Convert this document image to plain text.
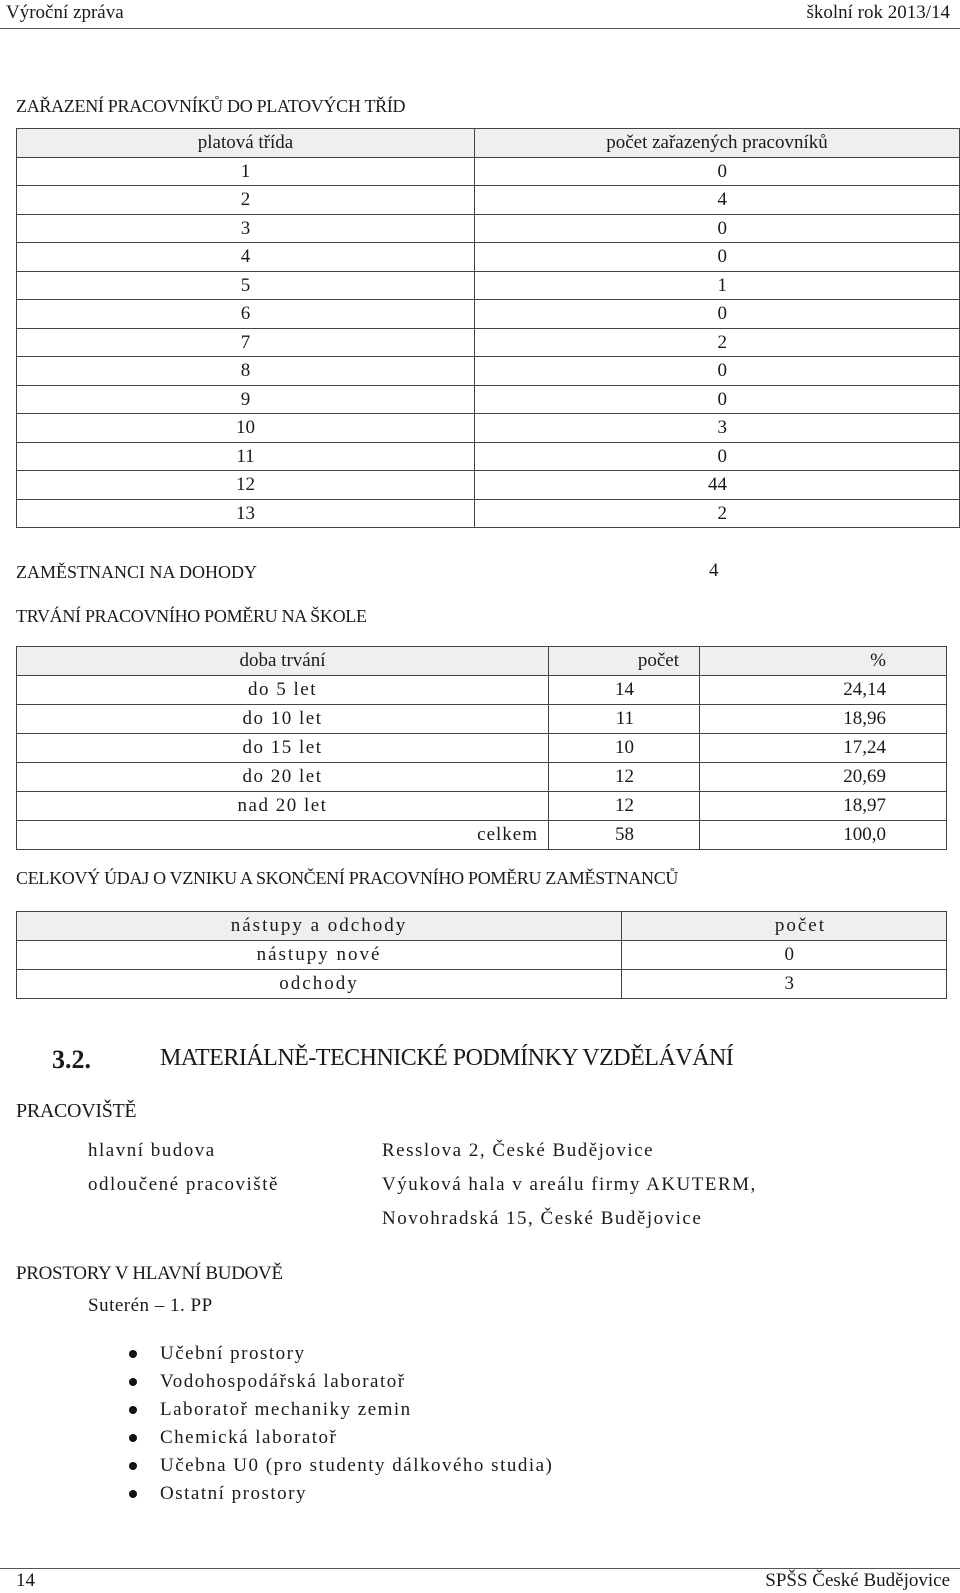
Výroční zpráva	školní rok 2013/14
ZAŘAZENÍ PRACOVNÍKŮ DO PLATOVÝCH TŘÍD
platová třída	počet zařazených pracovníků
1	0
2	4
3	0
4	0
5	1
6	0
7	2
8	0
9	0
10	3
11	0
12	44
13	2
ZAMĚSTNANCI NA DOHODY	4
TRVÁNÍ PRACOVNÍHO POMĚRU NA ŠKOLE
doba trvání	počet	%
do 5 let	14	24,14
do 10 let	11	18,96
do 15 let	10	17,24
do 20 let	12	20,69
nad 20 let	12	18,97
celkem	58	100,0
CELKOVÝ ÚDAJ O VZNIKU A SKONČENÍ PRACOVNÍHO POMĚRU ZAMĚSTNANCŮ
nástupy a odchody	počet
nástupy nové	0
odchody	3
3.2.	MATERIÁLNĚ-TECHNICKÉ PODMÍNKY VZDĚLÁVÁNÍ
PRACOVIŠTĚ
hlavní budova	Resslova 2, České Budějovice
odloučené pracoviště	Výuková hala v areálu firmy AKUTERM,
Novohradská 15, České Budějovice
PROSTORY V HLAVNÍ BUDOVĚ
Suterén – 1. PP
Učební prostory
Vodohospodářská laboratoř
Laboratoř mechaniky zemin
Chemická laboratoř
Učebna U0 (pro studenty dálkového studia)
Ostatní prostory
14	SPŠS České Budějovice
